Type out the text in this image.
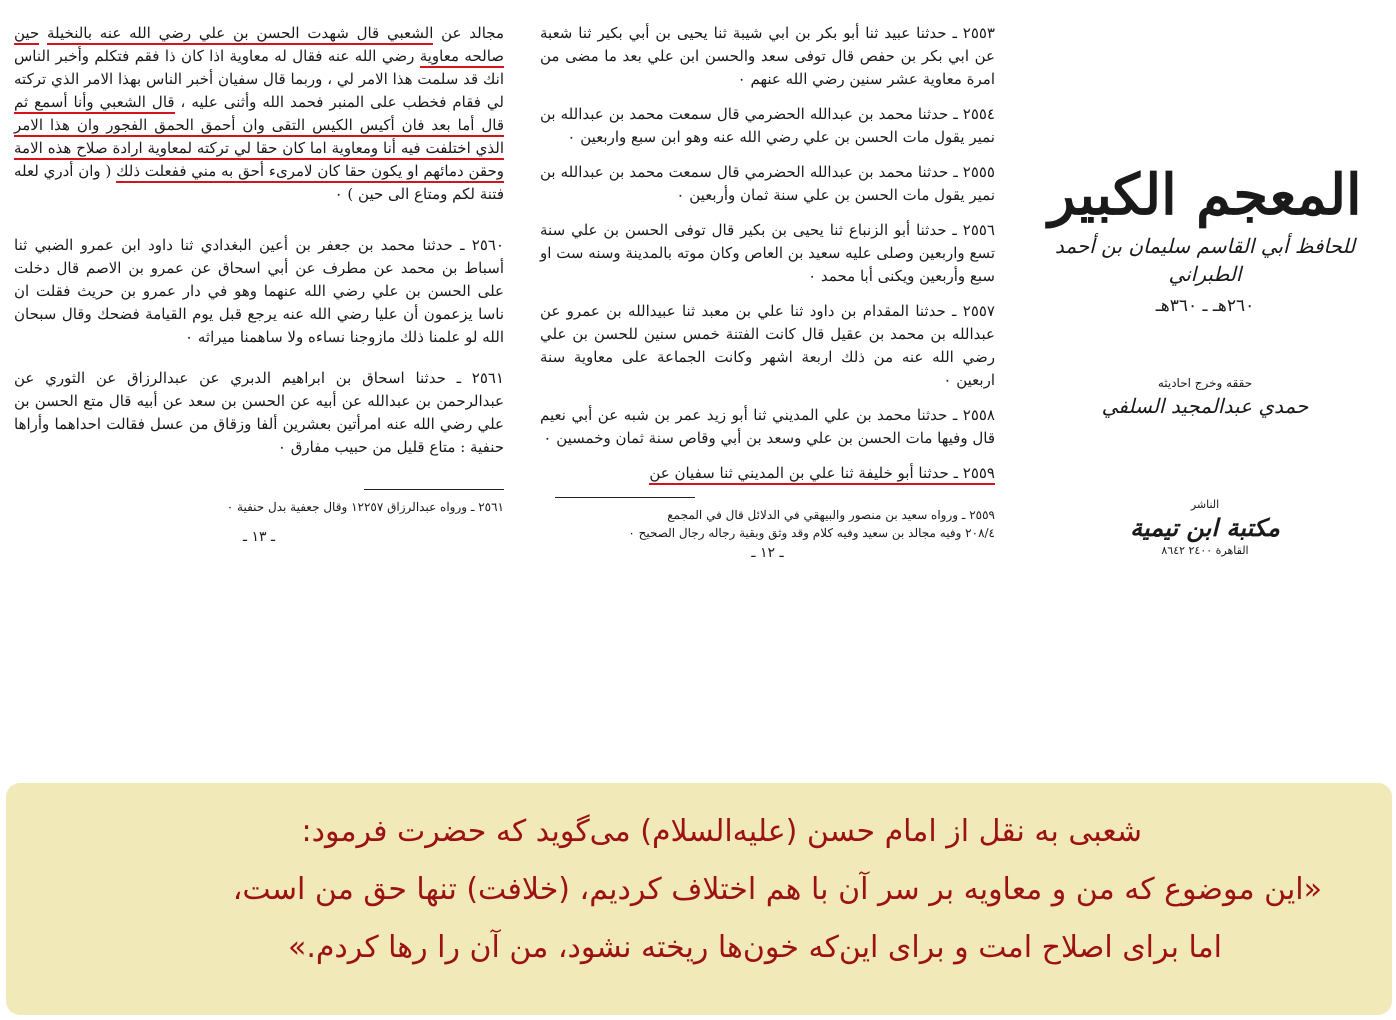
مجالد عن الشعبي قال شهدت الحسن بن علي رضي الله عنه بالنخيلة حين صالحه معاوية رضي الله عنه فقال له معاوية اذا كان ذا فقم فتكلم وأخبر الناس انك قد سلمت هذا الامر لي ، وربما قال سفيان أخبر الناس بهذا الامر الذي تركته لي فقام فخطب على المنبر فحمد الله وأثنى عليه ، قال الشعبي وأنا أسمع ثم قال أما بعد فان أكيس الكيس التقى وان أحمق الحمق الفجور وان هذا الامر الذي اختلفت فيه أنا ومعاوية اما كان حقا لي تركته لمعاوية ارادة صلاح هذه الامة وحقن دمائهم او يكون حقا كان لامرىء أحق به مني ففعلت ذلك ( وان أدري لعله فتنة لكم ومتاع الى حين ) ٠

٢٥٦٠ ـ حدثنا محمد بن جعفر بن أعين البغدادي ثنا داود ابن عمرو الضبي ثنا أسباط بن محمد عن مطرف عن أبي اسحاق عن عمرو بن الاصم قال دخلت على الحسن بن علي رضي الله عنهما وهو في دار عمرو بن حريث فقلت ان ناسا يزعمون أن عليا رضي الله عنه يرجع قبل يوم القيامة فضحك وقال سبحان الله لو علمنا ذلك مازوجنا نساءه ولا ساهمنا ميراثه ٠

٢٥٦١ ـ حدثنا اسحاق بن ابراهيم الدبري عن عبدالرزاق عن الثوري عن عبدالرحمن بن عبدالله عن أبيه عن الحسن بن سعد عن أبيه قال متع الحسن بن علي رضي الله عنه امرأتين بعشرين ألفا وزقاق من عسل فقالت احداهما وأراها حنفية : متاع قليل من حبيب مفارق ٠

٢٥٦١ ـ ورواه عبدالرزاق ١٢٢٥٧ وقال جعفية بدل حنفية ٠

ـ ١٣ ـ

٢٥٥٣ ـ حدثنا عبيد ثنا أبو بكر بن ابي شيبة ثنا يحيى بن أبي بكير ثنا شعبة عن ابي بكر بن حفص قال توفى سعد والحسن ابن علي بعد ما مضى من امرة معاوية عشر سنين رضي الله عنهم ٠

٢٥٥٤ ـ حدثنا محمد بن عبدالله الحضرمي قال سمعت محمد بن عبدالله بن نمير يقول مات الحسن بن علي رضي الله عنه وهو ابن سبع واربعين ٠

٢٥٥٥ ـ حدثنا محمد بن عبدالله الحضرمي قال سمعت محمد بن عبدالله بن نمير يقول مات الحسن بن علي سنة ثمان وأربعين ٠

٢٥٥٦ ـ حدثنا أبو الزنباع ثنا يحيى بن بكير قال توفى الحسن بن علي سنة تسع واربعين وصلى عليه سعيد بن العاص وكان موته بالمدينة وسنه ست او سبع وأربعين ويكنى أبا محمد ٠

٢٥٥٧ ـ حدثنا المقدام بن داود ثنا علي بن معبد ثنا عبيدالله بن عمرو عن عبدالله بن محمد بن عقيل قال كانت الفتنة خمس سنين للحسن بن علي رضي الله عنه من ذلك اربعة اشهر وكانت الجماعة على معاوية سنة اربعين ٠

٢٥٥٨ ـ حدثنا محمد بن علي المديني ثنا أبو زيد عمر بن شبه عن أبي نعيم قال وفيها مات الحسن بن علي وسعد بن أبي وقاص سنة ثمان وخمسين ٠

٢٥٥٩ ـ حدثنا أبو خليفة ثنا علي بن المديني ثنا سفيان عن

٢٥٥٩ ـ ورواه سعيد بن منصور والبيهقي في الدلائل قال في المجمع

٢٠٨/٤ وفيه مجالد بن سعيد وفيه كلام وقد وثق وبقية رجاله رجال الصحيح ٠

ـ ١٢ ـ

المعجم الكبير
للحافظ أبي القاسم سليمان بن أحمد الطبراني
٢٦٠هـ ـ ٣٦٠هـ
حققه وخرج احاديثه
حمدي عبدالمجيد السلفي
الناشر
مكتبة ابن تيمية
القاهرة ٢٤٠٠ ٨٦٤٢
شعبی به نقل از امام حسن (علیه‌السلام) می‌گوید که حضرت فرمود:
«این موضوع که من و معاویه بر سر آن با هم اختلاف کردیم، (خلافت) تنها حق من است،
اما برای اصلاح امت و برای این‌که خون‌ها ریخته نشود، من آن را رها کردم.»
